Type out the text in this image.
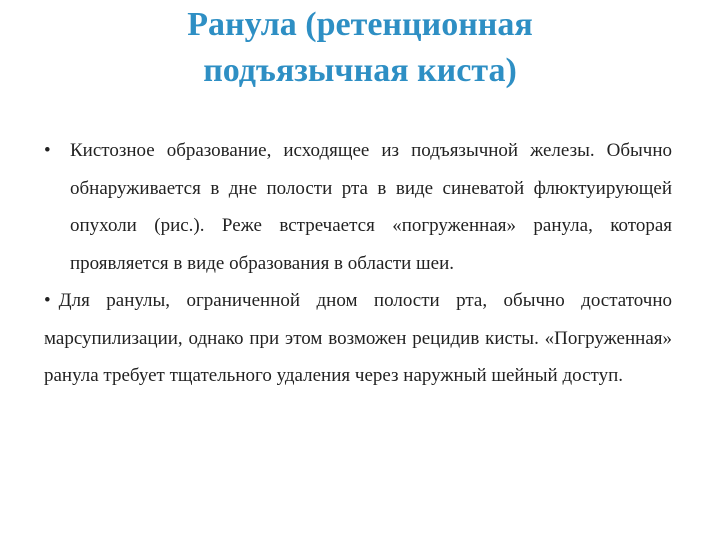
Ранула (ретенционная
подъязычная киста)

•	Кистозное образование, исходящее из подъязычной железы. Обычно обнаруживается в дне полости рта в виде синеватой флюктуирующей опухоли (рис.). Реже встречается «погруженная» ранула, которая проявляется в виде образования в области шеи.

• Для ранулы, ограниченной дном полости рта, обычно достаточно марсупилизации, однако при этом возможен рецидив кисты. «Погруженная» ранула требует тщательного удаления через наружный шейный доступ.
